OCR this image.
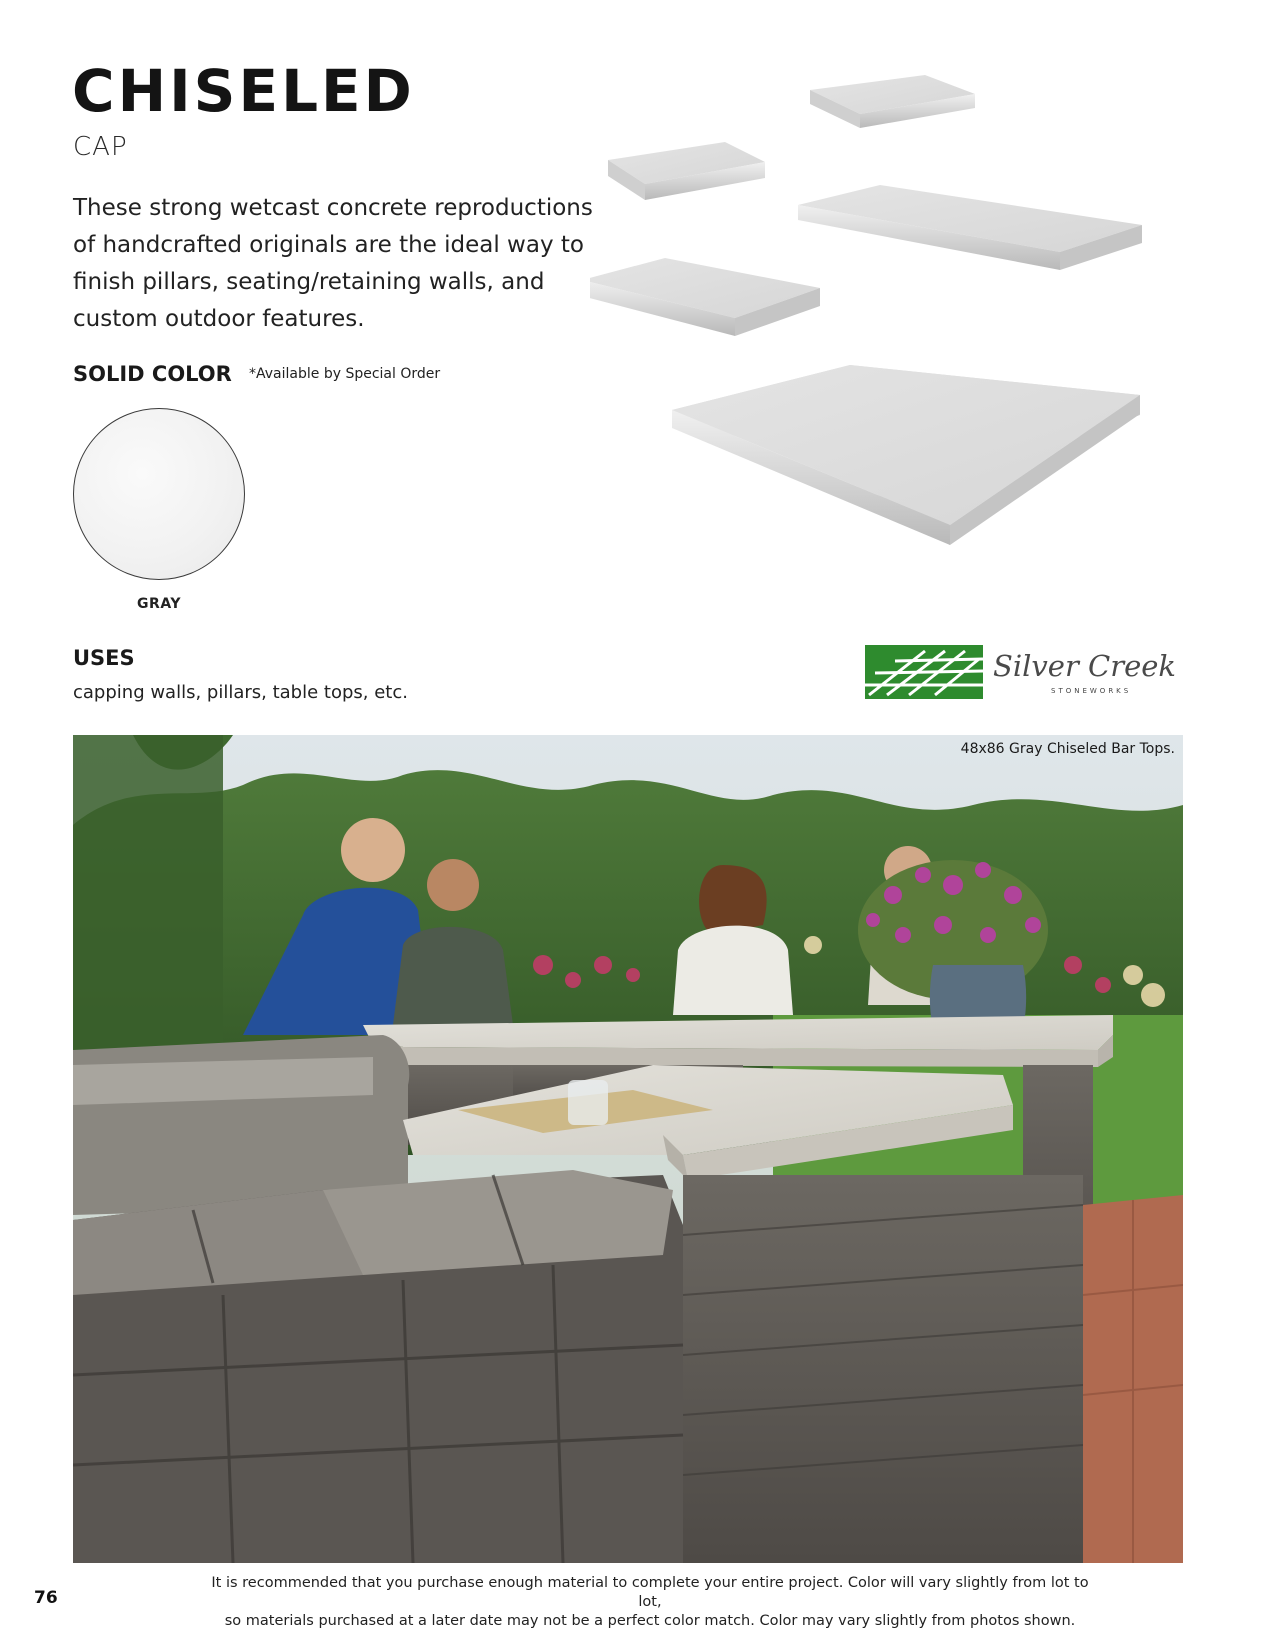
CHISELED
CAP

These strong wetcast concrete reproductions of handcrafted originals are the ideal way to finish pillars, seating/retaining walls, and custom outdoor features.

SOLID COLOR *Available by Special Order
GRAY
USES

capping walls, pillars, table tops, etc.

Silver Creek
STONEWORKS
48x86 Gray Chiseled Bar Tops.
76
It is recommended that you purchase enough material to complete your entire project. Color will vary slightly from lot to lot,
so materials purchased at a later date may not be a perfect color match. Color may vary slightly from photos shown.
